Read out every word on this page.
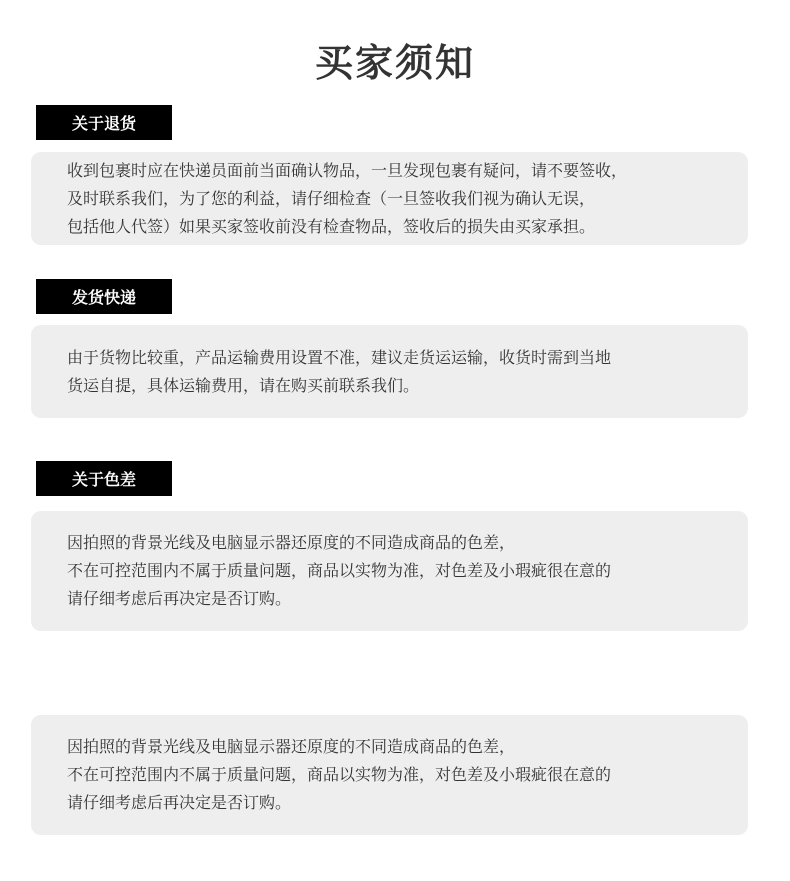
买家须知
关于退货
收到包裹时应在快递员面前当面确认物品，一旦发现包裹有疑问，请不要签收，
及时联系我们，为了您的利益，请仔细检查（一旦签收我们视为确认无误，
包括他人代签）如果买家签收前没有检查物品，签收后的损失由买家承担。
发货快递
由于货物比较重，产品运输费用设置不准，建议走货运运输，收货时需到当地
货运自提，具体运输费用，请在购买前联系我们。
关于色差
因拍照的背景光线及电脑显示器还原度的不同造成商品的色差，
不在可控范围内不属于质量问题，商品以实物为准，对色差及小瑕疵很在意的
请仔细考虑后再决定是否订购。
因拍照的背景光线及电脑显示器还原度的不同造成商品的色差，
不在可控范围内不属于质量问题，商品以实物为准，对色差及小瑕疵很在意的
请仔细考虑后再决定是否订购。
